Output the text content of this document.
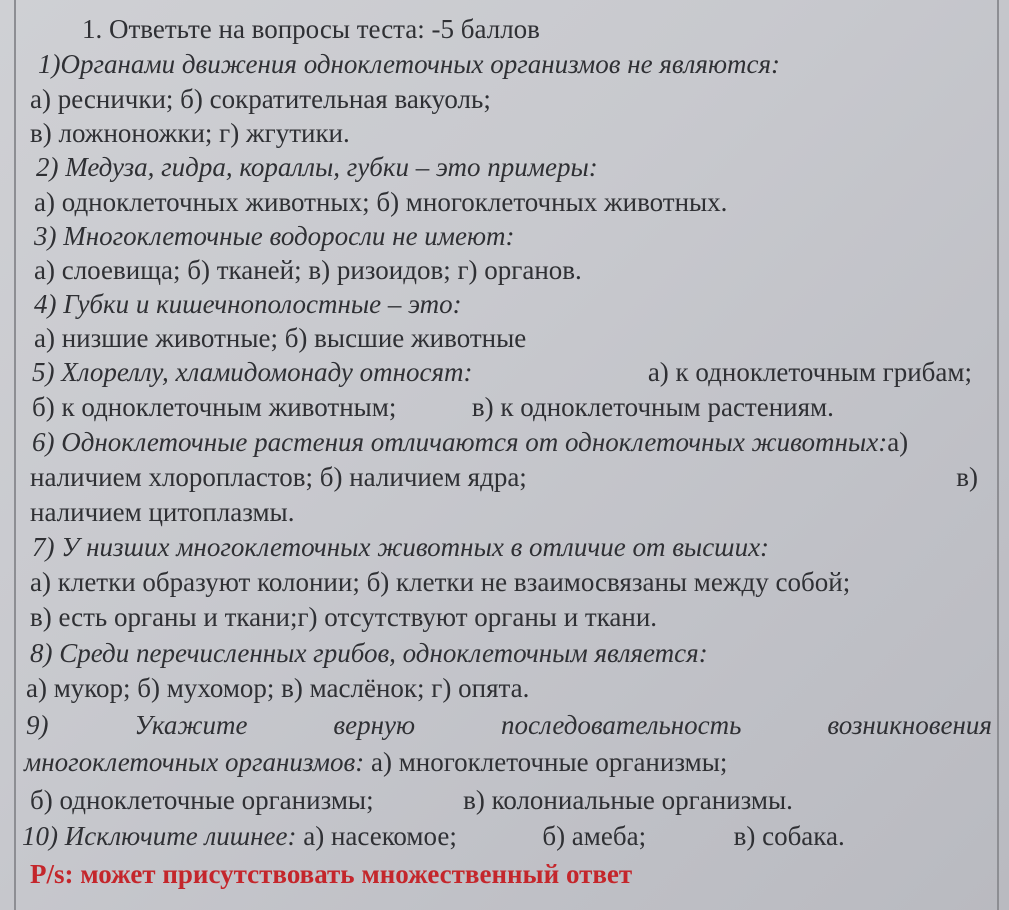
1. Ответьте на вопросы теста: -5 баллов
1)Органами движения одноклеточных организмов не являются:
а) реснички; б) сократительная вакуоль;
в) ложноножки; г) жгутики.
2) Медуза, гидра, кораллы, губки – это примеры:
а) одноклеточных животных; б) многоклеточных животных.
3) Многоклеточные водоросли не имеют:
а) слоевища; б) тканей; в) ризоидов; г) органов.
4) Губки и кишечнополостные – это:
а) низшие животные; б) высшие животные
5) Хлореллу, хламидомонаду относят:	а) к одноклеточным грибам;
б) к одноклеточным животным;	в) к одноклеточным растениям.
6) Одноклеточные растения отличаются от одноклеточных животных:а)
наличием хлоропластов; б) наличием ядра;	в)
наличием цитоплазмы.
7) У низших многоклеточных животных в отличие от высших:
а) клетки образуют колонии; б) клетки не взаимосвязаны между собой;
в) есть органы и ткани;г) отсутствуют органы и ткани.
8) Среди перечисленных грибов, одноклеточным является:
а) мукор; б) мухомор; в) маслёнок; г) опята.
9)	Укажите	верную	последовательность	возникновения
многоклеточных организмов: а) многоклеточные организмы;
б) одноклеточные организмы;	в) колониальные организмы.
10) Исключите лишнее: а) насекомое;	б) амеба;	в) собака.
P/s: может присутствовать множественный ответ
